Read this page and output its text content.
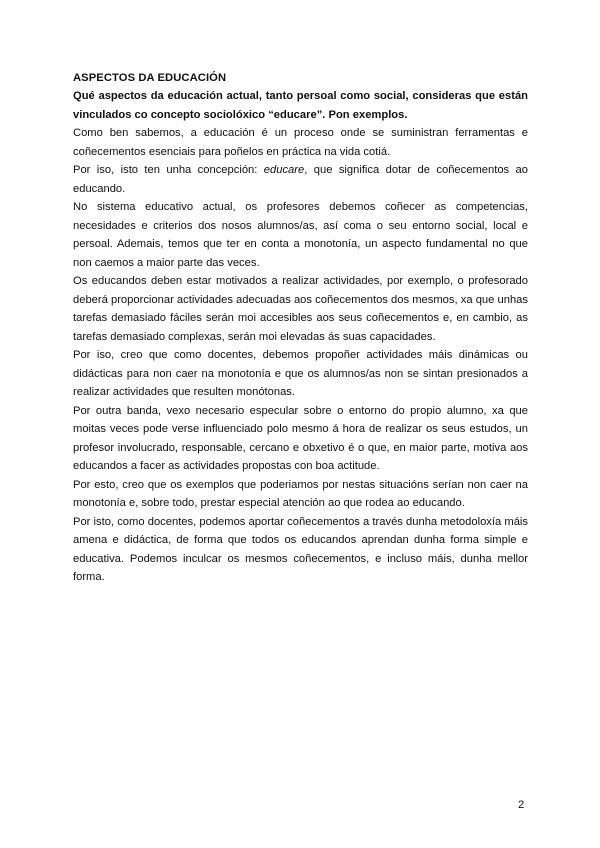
ASPECTOS DA EDUCACIÓN

Qué aspectos da educación actual, tanto persoal como social, consideras que están vinculados co concepto sociolóxico “educare”. Pon exemplos.

Como ben sabemos, a educación é un proceso onde se suministran ferramentas e coñecementos esenciais para poñelos en práctica na vida cotiá.

Por iso, isto ten unha concepción: educare, que significa dotar de coñecementos ao educando.

No sistema educativo actual, os profesores debemos coñecer as competencias, necesidades e criterios dos nosos alumnos/as, así coma o seu entorno social, local e persoal. Ademais, temos que ter en conta a monotonía, un aspecto fundamental no que non caemos a maior parte das veces.

Os educandos deben estar motivados a realizar actividades, por exemplo, o profesorado deberá proporcionar actividades adecuadas aos coñecementos dos mesmos, xa que unhas tarefas demasiado fáciles serán moi accesibles aos seus coñecementos e, en cambio, as tarefas demasiado complexas, serán moi elevadas ás suas capacidades.

Por iso, creo que como docentes, debemos propoñer actividades máis dinámicas ou didácticas para non caer na monotonía e que os alumnos/as non se sintan presionados a realizar actividades que resulten monótonas.

Por outra banda, vexo necesario especular sobre o entorno do propio alumno, xa que moitas veces pode verse influenciado polo mesmo á hora de realizar os seus estudos, un profesor involucrado, responsable, cercano e obxetivo é o que, en maior parte, motiva aos educandos a facer as actividades propostas con boa actitude.

Por esto, creo que os exemplos que poderiamos por nestas situacións serían non caer na monotonía e, sobre todo, prestar especial atención ao que rodea ao educando.

Por isto, como docentes, podemos aportar coñecementos a través dunha metodoloxía máis amena e didáctica, de forma que todos os educandos aprendan dunha forma simple e educativa. Podemos inculcar os mesmos coñecementos, e incluso máis, dunha mellor forma.

2
